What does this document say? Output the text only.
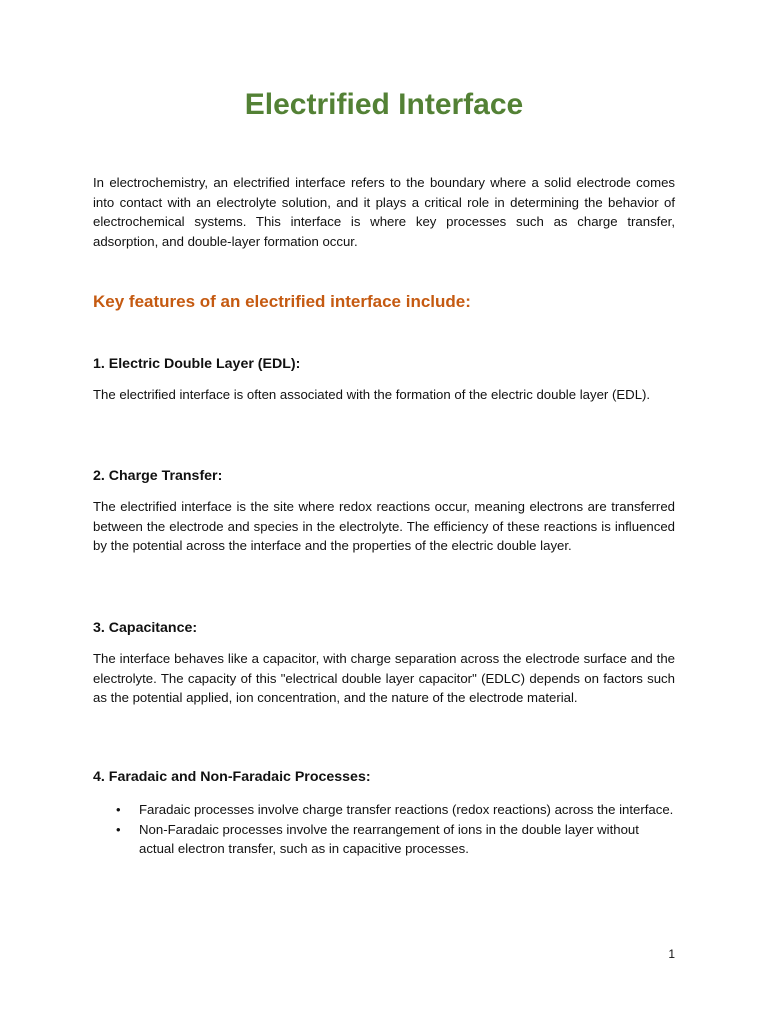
Electrified Interface

In electrochemistry, an electrified interface refers to the boundary where a solid electrode comes into contact with an electrolyte solution, and it plays a critical role in determining the behavior of electrochemical systems. This interface is where key processes such as charge transfer, adsorption, and double-layer formation occur.

Key features of an electrified interface include:
1. Electric Double Layer (EDL):

The electrified interface is often associated with the formation of the electric double layer (EDL).

2. Charge Transfer:

The electrified interface is the site where redox reactions occur, meaning electrons are transferred between the electrode and species in the electrolyte. The efficiency of these reactions is influenced by the potential across the interface and the properties of the electric double layer.

3. Capacitance:

The interface behaves like a capacitor, with charge separation across the electrode surface and the electrolyte. The capacity of this "electrical double layer capacitor" (EDLC) depends on factors such as the potential applied, ion concentration, and the nature of the electrode material.

4. Faradaic and Non-Faradaic Processes:
• Faradaic processes involve charge transfer reactions (redox reactions) across the interface.
• Non-Faradaic processes involve the rearrangement of ions in the double layer without actual electron transfer, such as in capacitive processes.

1
